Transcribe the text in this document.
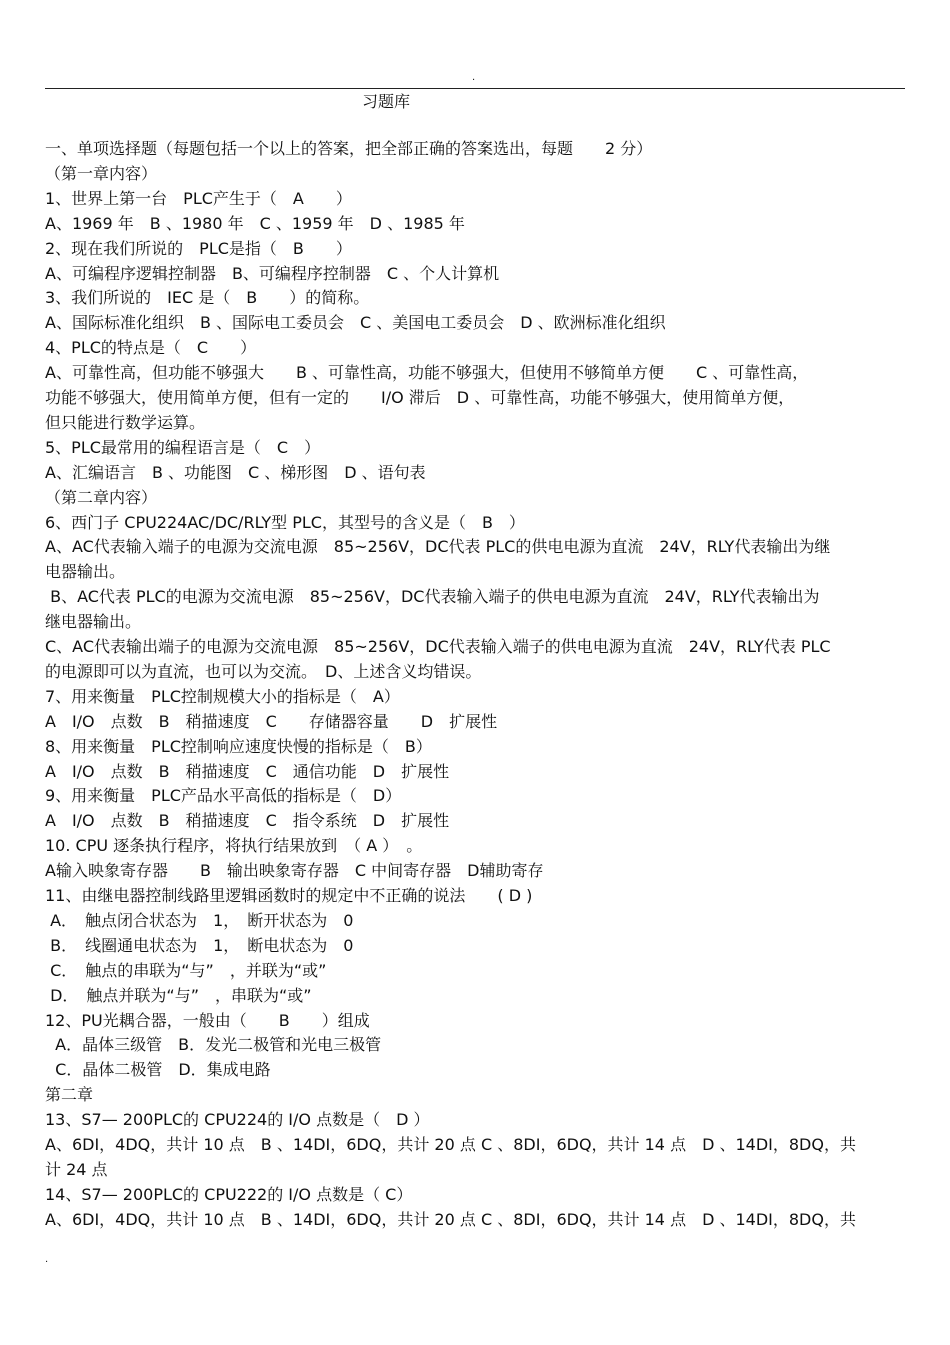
.
习题库
一、单项选择题（每题包括一个以上的答案，把全部正确的答案选出，每题　　2 分）
（第一章内容）
1、世界上第一台　PLC产生于（　A　　）
A、1969 年　B 、1980 年　C 、1959 年　D 、1985 年
2、现在我们所说的　PLC是指（　B　　）
A、可编程序逻辑控制器　B、可编程序控制器　C 、个人计算机
3、我们所说的　IEC 是（　B　　）的简称。
A、国际标准化组织　B 、国际电工委员会　C 、美国电工委员会　D 、欧洲标准化组织
4、PLC的特点是（　C　　）
A、可靠性高，但功能不够强大　　B 、可靠性高，功能不够强大，但使用不够简单方便　　C 、可靠性高，
功能不够强大，使用简单方便，但有一定的　　I/O 滞后　D 、可靠性高，功能不够强大，使用简单方便，
但只能进行数学运算。
5、PLC最常用的编程语言是（　C　）
A、汇编语言　B 、功能图　C 、梯形图　D 、语句表
（第二章内容）
6、西门子 CPU224AC/DC/RLY型 PLC，其型号的含义是（　B　）
A、AC代表输入端子的电源为交流电源　85~256V，DC代表 PLC的供电电源为直流　24V，RLY代表输出为继
电器输出。
B、AC代表 PLC的电源为交流电源　85~256V，DC代表输入端子的供电电源为直流　24V，RLY代表输出为
继电器输出。
C、AC代表输出端子的电源为交流电源　85~256V，DC代表输入端子的供电电源为直流　24V，RLY代表 PLC
的电源即可以为直流，也可以为交流。　D、上述含义均错误。
7、用来衡量　PLC控制规模大小的指标是（　A）
A　I/O　点数　B　稍描速度　C　　存储器容量　　D　扩展性
8、用来衡量　PLC控制响应速度快慢的指标是（　B）
A　I/O　点数　B　稍描速度　C　通信功能　D　扩展性
9、用来衡量　PLC产品水平高低的指标是（　D）
A　I/O　点数　B　稍描速度　C　指令系统　D　扩展性
10. CPU 逐条执行程序，将执行结果放到　（ A ）　。
A输入映象寄存器　　B　输出映象寄存器　C 中间寄存器　D辅助寄存
11、由继电器控制线路里逻辑函数时的规定中不正确的说法　　( D )
A．　触点闭合状态为　1，　断开状态为　0
B．　线圈通电状态为　1，　断电状态为　0
C．　触点的串联为“与”　，并联为“或”
D．　触点并联为“与”　，串联为“或”
12、PU光耦合器，一般由（　　B　　）组成
A．晶体三级管　B．发光二极管和光电三极管
C．晶体二极管　D．集成电路
第二章
13、S7— 200PLC的 CPU224的 I/O 点数是（　D ）
A、6DI，4DQ，共计 10 点　B 、14DI，6DQ，共计 20 点 C 、8DI，6DQ，共计 14 点　D 、14DI，8DQ，共
计 24 点
14、S7— 200PLC的 CPU222的 I/O 点数是（ C）
A、6DI，4DQ，共计 10 点　B 、14DI，6DQ，共计 20 点 C 、8DI，6DQ，共计 14 点　D 、14DI，8DQ，共
.
